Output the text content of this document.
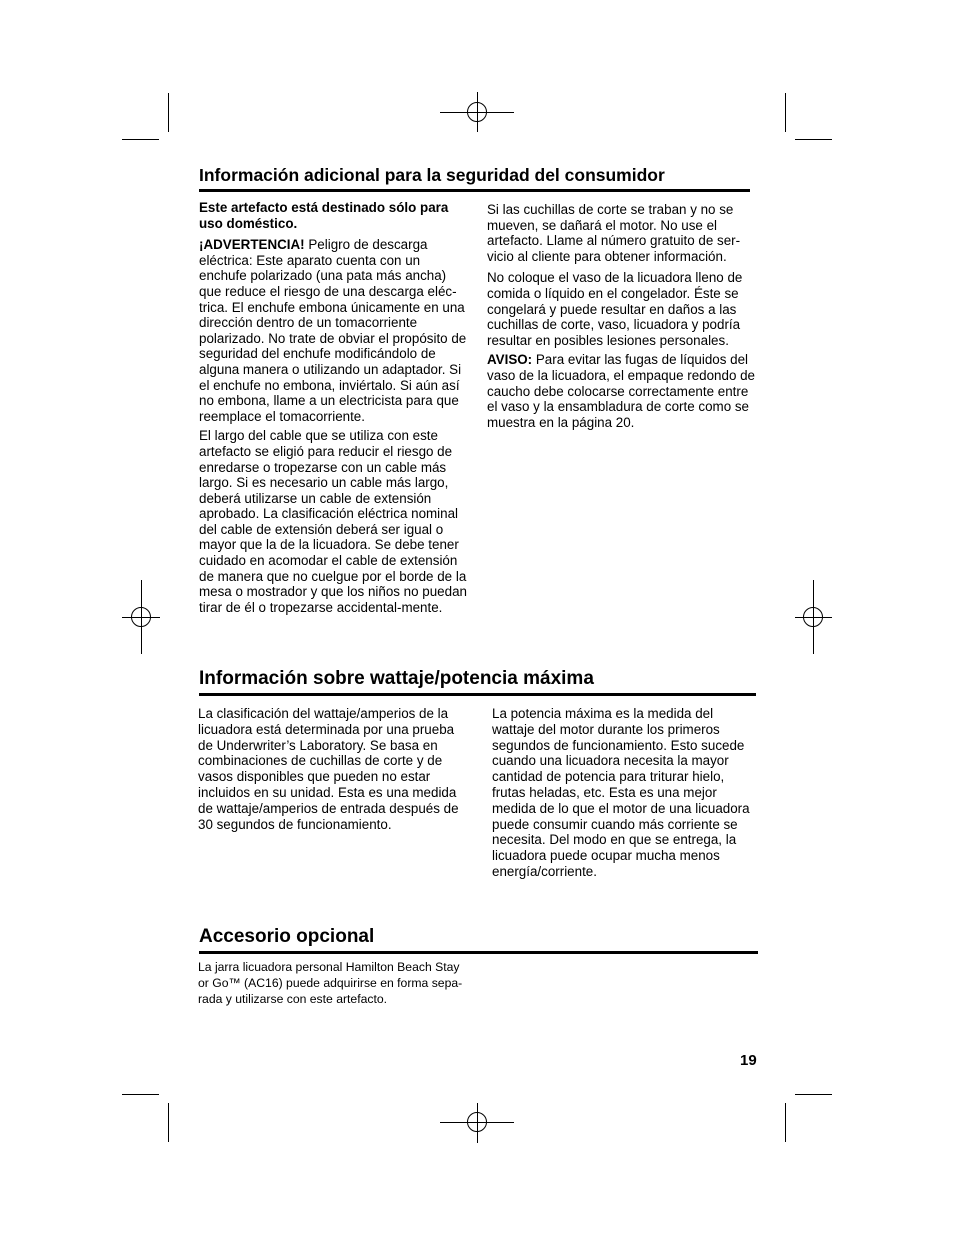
Información adicional para la seguridad del consumidor

Este artefacto está destinado sólo para uso doméstico.

¡ADVERTENCIA! Peligro de descarga eléctrica: Este aparato cuenta con un enchufe polarizado (una pata más ancha) que reduce el riesgo de una descarga eléc-trica. El enchufe embona únicamente en una dirección dentro de un tomacorriente polarizado. No trate de obviar el propósito de seguridad del enchufe modificándolo de alguna manera o utilizando un adaptador. Si el enchufe no embona, inviértalo. Si aún así no embona, llame a un electricista para que reemplace el tomacorriente.

El largo del cable que se utiliza con este artefacto se eligió para reducir el riesgo de enredarse o tropezarse con un cable más largo. Si es necesario un cable más largo, deberá utilizarse un cable de extensión aprobado. La clasificación eléctrica nominal del cable de extensión deberá ser igual o mayor que la de la licuadora. Se debe tener cuidado en acomodar el cable de extensión de manera que no cuelgue por el borde de la mesa o mostrador y que los niños no puedan tirar de él o tropezarse accidental-mente.

Si las cuchillas de corte se traban y no se mueven, se dañará el motor. No use el artefacto. Llame al número gratuito de ser-vicio al cliente para obtener información.

No coloque el vaso de la licuadora lleno de comida o líquido en el congelador. Éste se congelará y puede resultar en daños a las cuchillas de corte, vaso, licuadora y podría resultar en posibles lesiones personales.

AVISO: Para evitar las fugas de líquidos del vaso de la licuadora, el empaque redondo de caucho debe colocarse correctamente entre el vaso y la ensambladura de corte como se muestra en la página 20.

Información sobre wattaje/potencia máxima
La clasificación del wattaje/amperios de la licuadora está determinada por una prueba de Underwriter’s Laboratory. Se basa en combinaciones de cuchillas de corte y de vasos disponibles que pueden no estar incluidos en su unidad. Esta es una medida de wattaje/amperios de entrada después de 30 segundos de funcionamiento.
La potencia máxima es la medida del wattaje del motor durante los primeros segundos de funcionamiento. Esto sucede cuando una licuadora necesita la mayor cantidad de potencia para triturar hielo, frutas heladas, etc. Esta es una mejor medida de lo que el motor de una licuadora puede consumir cuando más corriente se necesita. Del modo en que se entrega, la licuadora puede ocupar mucha menos energía/corriente.
Accesorio opcional
La jarra licuadora personal Hamilton Beach Stay or Go™ (AC16) puede adquirirse en forma sepa-rada y utilizarse con este artefacto.
19
